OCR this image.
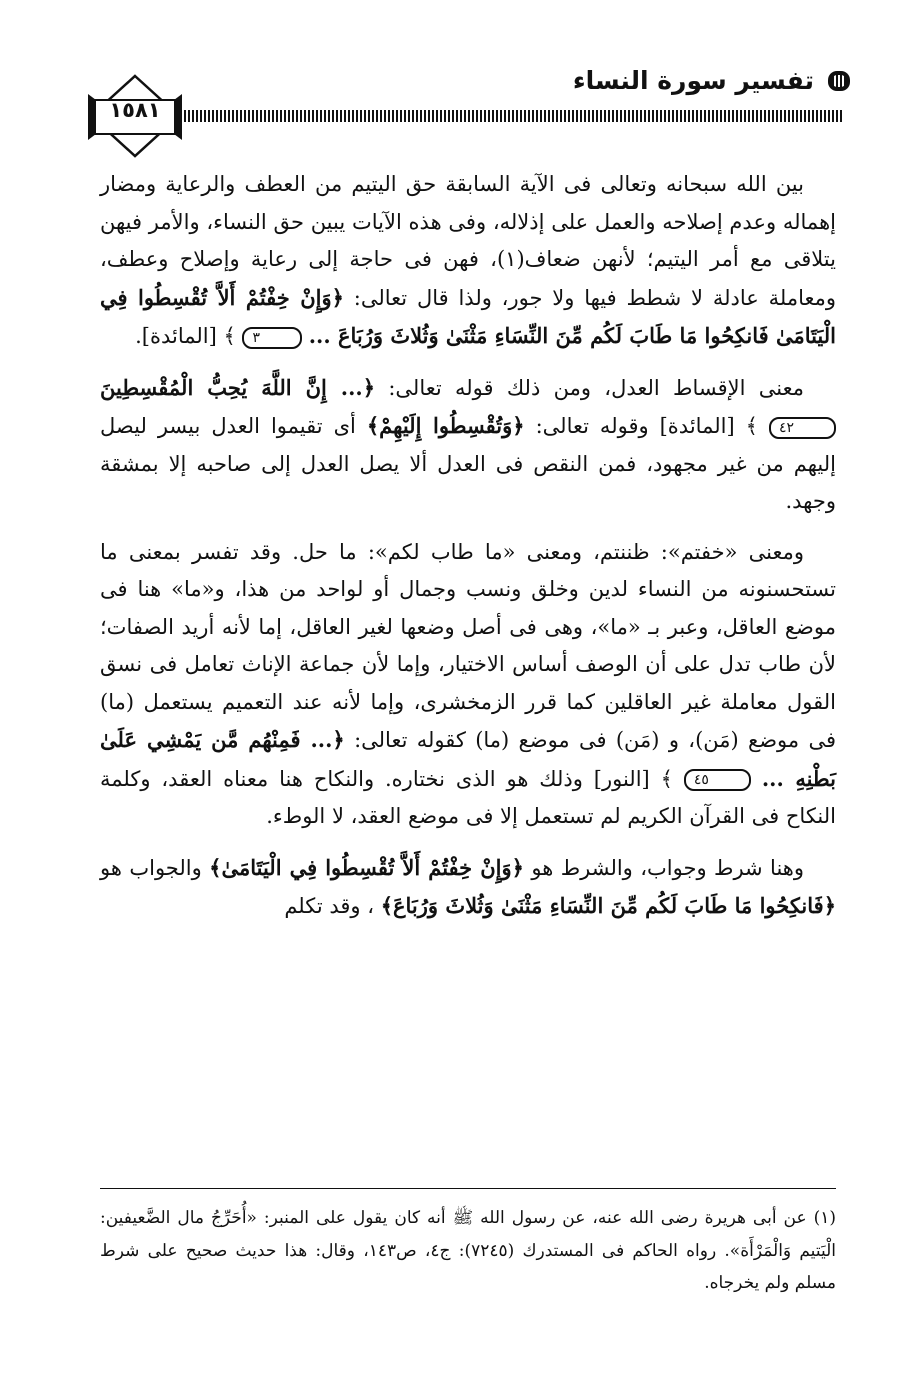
تفسير سورة النساء
١٥٨١

بين الله سبحانه وتعالى فى الآية السابقة حق اليتيم من العطف والرعاية ومضار إهماله وعدم إصلاحه والعمل على إذلاله، وفى هذه الآيات يبين حق النساء، والأمر فيهن يتلاقى مع أمر اليتيم؛ لأنهن ضعاف(١)، فهن فى حاجة إلى رعاية وإصلاح وعطف، ومعاملة عادلة لا شطط فيها ولا جور، ولذا قال تعالى: ﴿وَإِنْ خِفْتُمْ أَلاَّ تُقْسِطُوا فِي الْيَتَامَىٰ فَانكِحُوا مَا طَابَ لَكُم مِّنَ النِّسَاءِ مَثْنَىٰ وَثُلاثَ وَرُبَاعَ ... ٣ ﴾ [المائدة].

معنى الإقساط العدل، ومن ذلك قوله تعالى: ﴿... إِنَّ اللَّهَ يُحِبُّ الْمُقْسِطِينَ ٤٢ ﴾ [المائدة] وقوله تعالى: ﴿وَتُقْسِطُوا إِلَيْهِمْ﴾ أى تقيموا العدل بيسر ليصل إليهم من غير مجهود، فمن النقص فى العدل ألا يصل العدل إلى صاحبه إلا بمشقة وجهد.

ومعنى «خفتم»: ظننتم، ومعنى «ما طاب لكم»: ما حل. وقد تفسر بمعنى ما تستحسنونه من النساء لدين وخلق ونسب وجمال أو لواحد من هذا، و«ما» هنا فى موضع العاقل، وعبر بـ «ما»، وهى فى أصل وضعها لغير العاقل، إما لأنه أريد الصفات؛ لأن طاب تدل على أن الوصف أساس الاختيار، وإما لأن جماعة الإناث تعامل فى نسق القول معاملة غير العاقلين كما قرر الزمخشرى، وإما لأنه عند التعميم يستعمل (ما) فى موضع (مَن)، و (مَن) فى موضع (ما) كقوله تعالى: ﴿... فَمِنْهُم مَّن يَمْشِي عَلَىٰ بَطْنِهِ ... ٤٥ ﴾ [النور] وذلك هو الذى نختاره. والنكاح هنا معناه العقد، وكلمة النكاح فى القرآن الكريم لم تستعمل إلا فى موضع العقد، لا الوطء.

وهنا شرط وجواب، والشرط هو ﴿وَإِنْ خِفْتُمْ أَلاَّ تُقْسِطُوا فِي الْيَتَامَىٰ﴾ والجواب هو ﴿فَانكِحُوا مَا طَابَ لَكُم مِّنَ النِّسَاءِ مَثْنَىٰ وَثُلاثَ وَرُبَاعَ﴾ ، وقد تكلم

(١) عن أبى هريرة رضى الله عنه، عن رسول الله ﷺ أنه كان يقول على المنبر: «أُحَرِّجُ مال الضَّعيفين: الْيَتيم وَالْمَرْأَة». رواه الحاكم فى المستدرك (٧٢٤٥): ج٤، ص١٤٣، وقال: هذا حديث صحيح على شرط مسلم ولم يخرجاه.
